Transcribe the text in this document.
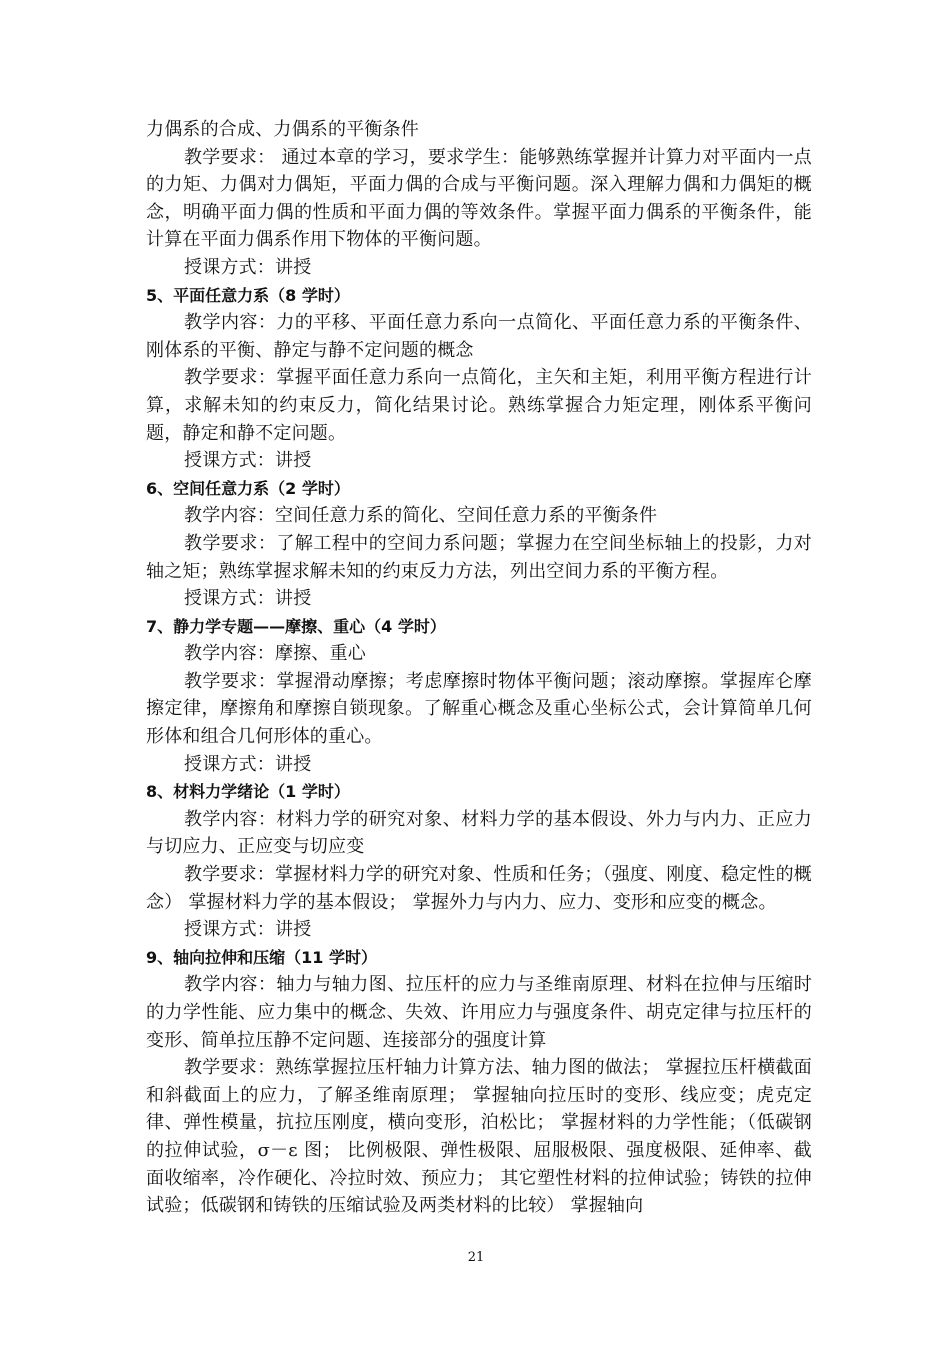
力偶系的合成、力偶系的平衡条件

教学要求： 通过本章的学习，要求学生：能够熟练掌握并计算力对平面内一点的力矩、力偶对力偶矩，平面力偶的合成与平衡问题。深入理解力偶和力偶矩的概念，明确平面力偶的性质和平面力偶的等效条件。掌握平面力偶系的平衡条件，能计算在平面力偶系作用下物体的平衡问题。

授课方式：讲授

5、平面任意力系（8 学时）

教学内容：力的平移、平面任意力系向一点简化、平面任意力系的平衡条件、刚体系的平衡、静定与静不定问题的概念

教学要求：掌握平面任意力系向一点简化，主矢和主矩，利用平衡方程进行计算，求解未知的约束反力，简化结果讨论。熟练掌握合力矩定理，刚体系平衡问题，静定和静不定问题。

授课方式：讲授

6、空间任意力系（2 学时）

教学内容：空间任意力系的简化、空间任意力系的平衡条件

教学要求：了解工程中的空间力系问题；掌握力在空间坐标轴上的投影，力对轴之矩；熟练掌握求解未知的约束反力方法，列出空间力系的平衡方程。

授课方式：讲授

7、静力学专题——摩擦、重心（4 学时）

教学内容：摩擦、重心

教学要求：掌握滑动摩擦；考虑摩擦时物体平衡问题；滚动摩擦。掌握库仑摩擦定律，摩擦角和摩擦自锁现象。了解重心概念及重心坐标公式，会计算简单几何形体和组合几何形体的重心。

授课方式：讲授

8、材料力学绪论（1 学时）

教学内容：材料力学的研究对象、材料力学的基本假设、外力与内力、正应力与切应力、正应变与切应变

教学要求：掌握材料力学的研究对象、性质和任务；（强度、刚度、稳定性的概念） 掌握材料力学的基本假设； 掌握外力与内力、应力、变形和应变的概念。

授课方式：讲授

9、轴向拉伸和压缩（11 学时）

教学内容：轴力与轴力图、拉压杆的应力与圣维南原理、材料在拉伸与压缩时的力学性能、应力集中的概念、失效、许用应力与强度条件、胡克定律与拉压杆的变形、简单拉压静不定问题、连接部分的强度计算

教学要求：熟练掌握拉压杆轴力计算方法、轴力图的做法； 掌握拉压杆横截面和斜截面上的应力，了解圣维南原理； 掌握轴向拉压时的变形、线应变；虎克定律、弹性模量，抗拉压刚度，横向变形，泊松比； 掌握材料的力学性能；（低碳钢的拉伸试验，σ－ε 图； 比例极限、弹性极限、屈服极限、强度极限、延伸率、截面收缩率，冷作硬化、冷拉时效、预应力； 其它塑性材料的拉伸试验；铸铁的拉伸试验；低碳钢和铸铁的压缩试验及两类材料的比较） 掌握轴向

21
